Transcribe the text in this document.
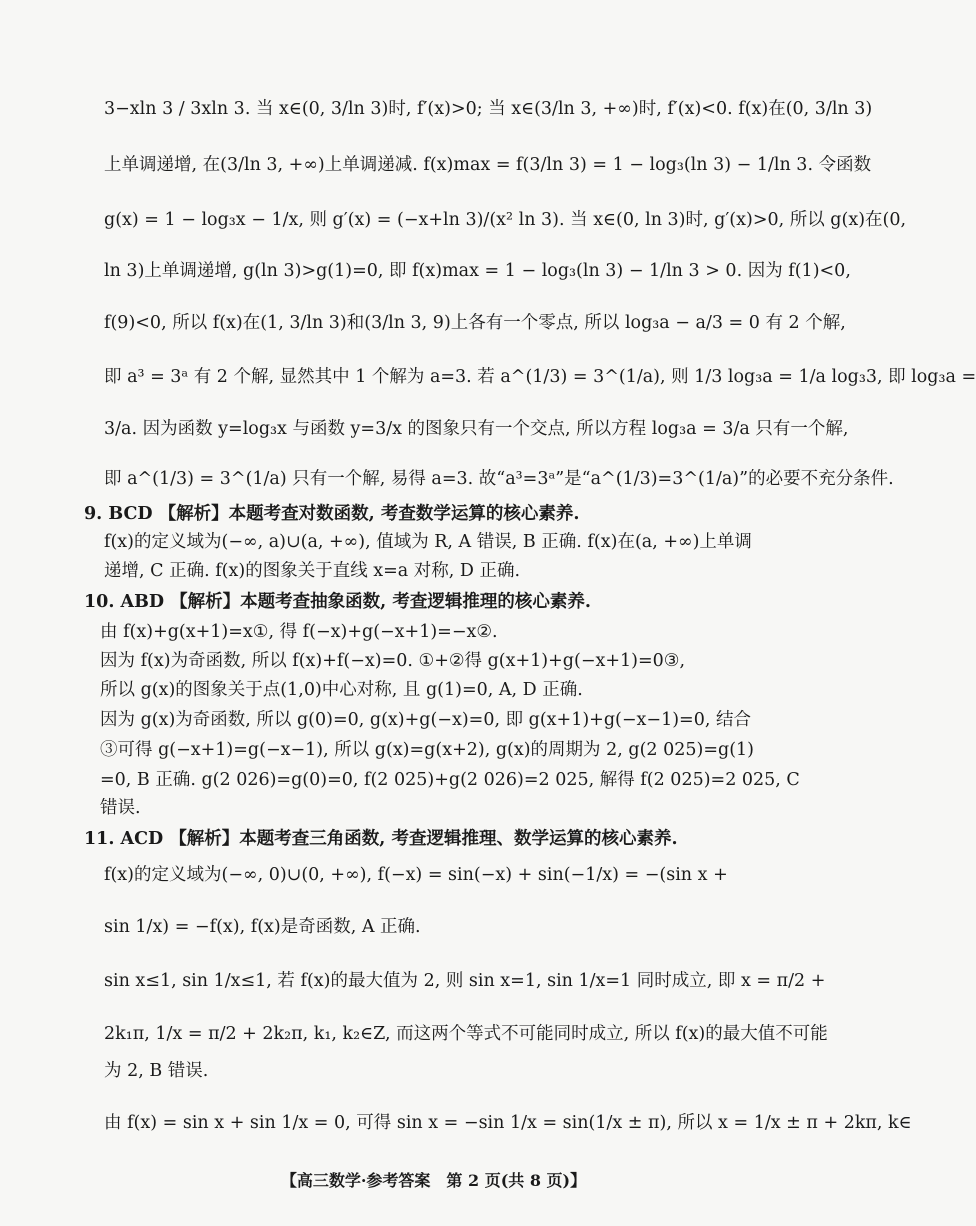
3−xln 3 / 3xln 3. 当 x∈(0, 3/ln 3)时, f′(x)>0; 当 x∈(3/ln 3, +∞)时, f′(x)<0. f(x)在(0, 3/ln 3)
上单调递增, 在(3/ln 3, +∞)上单调递减. f(x)max = f(3/ln 3) = 1 − log₃(ln 3) − 1/ln 3. 令函数
g(x) = 1 − log₃x − 1/x, 则 g′(x) = (−x+ln 3)/(x² ln 3). 当 x∈(0, ln 3)时, g′(x)>0, 所以 g(x)在(0,
ln 3)上单调递增, g(ln 3)>g(1)=0, 即 f(x)max = 1 − log₃(ln 3) − 1/ln 3 > 0. 因为 f(1)<0,
f(9)<0, 所以 f(x)在(1, 3/ln 3)和(3/ln 3, 9)上各有一个零点, 所以 log₃a − a/3 = 0 有 2 个解,
即 a³ = 3ᵃ 有 2 个解, 显然其中 1 个解为 a=3. 若 a^(1/3) = 3^(1/a), 则 1/3 log₃a = 1/a log₃3, 即 log₃a =
3/a. 因为函数 y=log₃x 与函数 y=3/x 的图象只有一个交点, 所以方程 log₃a = 3/a 只有一个解,
即 a^(1/3) = 3^(1/a) 只有一个解, 易得 a=3. 故“a³=3ᵃ”是“a^(1/3)=3^(1/a)”的必要不充分条件.
9. BCD 【解析】本题考查对数函数, 考查数学运算的核心素养.
f(x)的定义域为(−∞, a)∪(a, +∞), 值域为 R, A 错误, B 正确. f(x)在(a, +∞)上单调
递增, C 正确. f(x)的图象关于直线 x=a 对称, D 正确.
10. ABD 【解析】本题考查抽象函数, 考查逻辑推理的核心素养.
由 f(x)+g(x+1)=x①, 得 f(−x)+g(−x+1)=−x②.
因为 f(x)为奇函数, 所以 f(x)+f(−x)=0. ①+②得 g(x+1)+g(−x+1)=0③,
所以 g(x)的图象关于点(1,0)中心对称, 且 g(1)=0, A, D 正确.
因为 g(x)为奇函数, 所以 g(0)=0, g(x)+g(−x)=0, 即 g(x+1)+g(−x−1)=0, 结合
③可得 g(−x+1)=g(−x−1), 所以 g(x)=g(x+2), g(x)的周期为 2, g(2 025)=g(1)
=0, B 正确. g(2 026)=g(0)=0, f(2 025)+g(2 026)=2 025, 解得 f(2 025)=2 025, C
错误.
11. ACD 【解析】本题考查三角函数, 考查逻辑推理、数学运算的核心素养.
f(x)的定义域为(−∞, 0)∪(0, +∞), f(−x) = sin(−x) + sin(−1/x) = −(sin x +
sin 1/x) = −f(x), f(x)是奇函数, A 正确.
sin x≤1, sin 1/x≤1, 若 f(x)的最大值为 2, 则 sin x=1, sin 1/x=1 同时成立, 即 x = π/2 +
2k₁π, 1/x = π/2 + 2k₂π, k₁, k₂∈Z, 而这两个等式不可能同时成立, 所以 f(x)的最大值不可能
为 2, B 错误.
由 f(x) = sin x + sin 1/x = 0, 可得 sin x = −sin 1/x = sin(1/x ± π), 所以 x = 1/x ± π + 2kπ, k∈
【高三数学·参考答案　第 2 页(共 8 页)】
